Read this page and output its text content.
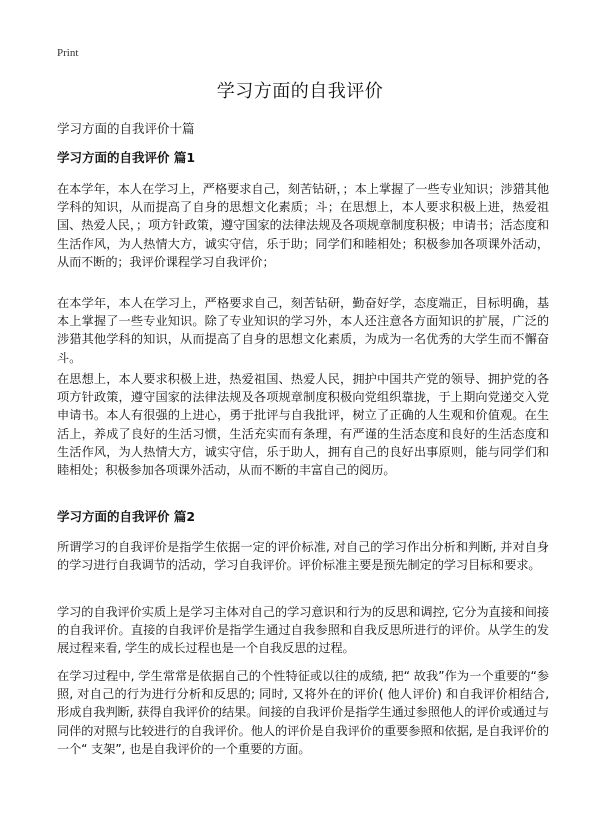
Print
学习方面的自我评价

学习方面的自我评价十篇

学习方面的自我评价 篇1

在本学年，本人在学习上，严格要求自己，刻苦钻研，；本上掌握了一些专业知识；涉猎其他学科的知识，从而提高了自身的思想文化素质；斗；在思想上，本人要求积极上进，热爱祖国、热爱人民，；项方针政策，遵守国家的法律法规及各项规章制度积极；申请书；活态度和生活作风，为人热情大方，诚实守信，乐于助；同学们和睦相处；积极参加各项课外活动，从而不断的；我评价课程学习自我评价；

在本学年，本人在学习上，严格要求自己，刻苦钻研，勤奋好学，态度端正，目标明确，基本上掌握了一些专业知识。除了专业知识的学习外，本人还注意各方面知识的扩展，广泛的涉猎其他学科的知识，从而提高了自身的思想文化素质，为成为一名优秀的大学生而不懈奋斗。

在思想上，本人要求积极上进，热爱祖国、热爱人民，拥护中国共产党的领导、拥护党的各项方针政策，遵守国家的法律法规及各项规章制度积极向党组织靠拢，于上期向党递交入党申请书。本人有很强的上进心，勇于批评与自我批评，树立了正确的人生观和价值观。在生活上，养成了良好的生活习惯，生活充实而有条理，有严谨的生活态度和良好的生活态度和生活作风，为人热情大方，诚实守信，乐于助人，拥有自己的良好出事原则，能与同学们和睦相处；积极参加各项课外活动，从而不断的丰富自己的阅历。

学习方面的自我评价 篇2

所谓学习的自我评价是指学生依据一定的评价标准, 对自己的学习作出分析和判断, 并对自身的学习进行自我调节的活动，学习自我评价。评价标准主要是预先制定的学习目标和要求。

学习的自我评价实质上是学习主体对自己的学习意识和行为的反思和调控, 它分为直接和间接的自我评价。直接的自我评价是指学生通过自我参照和自我反思所进行的评价。从学生的发展过程来看, 学生的成长过程也是一个自我反思的过程。

在学习过程中, 学生常常是依据自己的个性特征或以往的成绩, 把“ 故我”作为一个重要的“参照, 对自己的行为进行分析和反思的; 同时, 又将外在的评价( 他人评价) 和自我评价相结合, 形成自我判断, 获得自我评价的结果。间接的自我评价是指学生通过参照他人的评价或通过与同伴的对照与比较进行的自我评价。他人的评价是自我评价的重要参照和依据, 是自我评价的一个“ 支架”, 也是自我评价的一个重要的方面。
